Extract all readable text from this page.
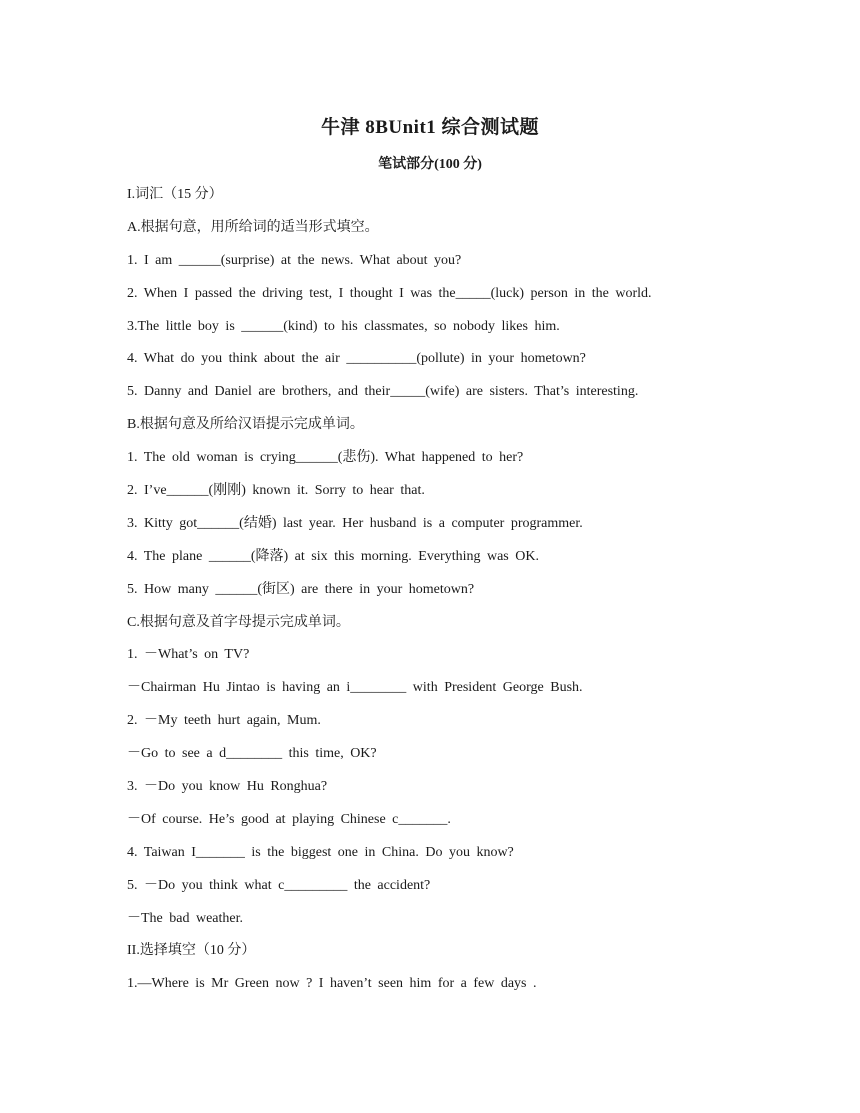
牛津 8BUnit1 综合测试题
笔试部分(100 分)
I.词汇（15 分）
A.根据句意，用所给词的适当形式填空。
1. I am ______(surprise) at the news. What about you?
2. When I passed the driving test, I thought I was the_____(luck) person in the world.
3.The little boy is ______(kind) to his classmates, so nobody likes him.
4. What do you think about the air __________(pollute) in your hometown?
5. Danny and Daniel are brothers, and their_____(wife) are sisters. That’s interesting.
B.根据句意及所给汉语提示完成单词。
1. The old woman is crying______(悲伤). What happened to her?
2. I’ve______(刚刚) known it. Sorry to hear that.
3. Kitty got______(结婚) last year. Her husband is a computer programmer.
4. The plane ______(降落) at six this morning. Everything was OK.
5. How many ______(街区) are there in your hometown?
C.根据句意及首字母提示完成单词。
1. －What’s on TV?
－Chairman Hu Jintao is having an i________ with President George Bush.
2. －My teeth hurt again, Mum.
－Go to see a d________ this time, OK?
3. －Do you know Hu Ronghua?
－Of course. He’s good at playing Chinese c_______.
4. Taiwan I_______ is the biggest one in China. Do you know?
5. －Do you think what c_________ the accident?
－The bad weather.
II.选择填空（10 分）
1.—Where is Mr Green now ? I haven’t seen him for a few days .
